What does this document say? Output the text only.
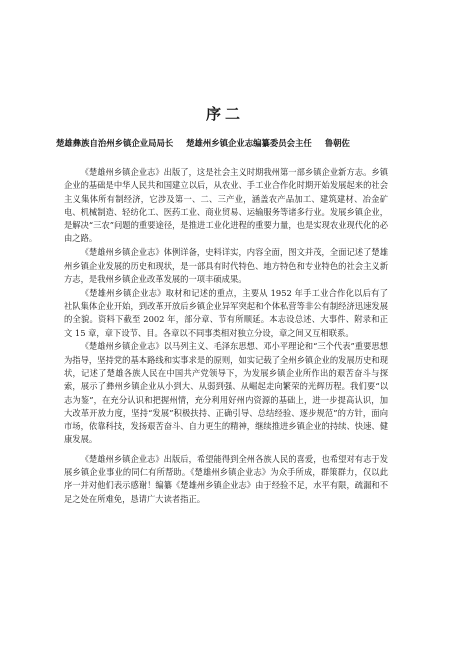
序二
楚雄彝族自治州乡镇企业局局长 楚雄州乡镇企业志编纂委员会主任 鲁朝佐

《楚雄州乡镇企业志》出版了，这是社会主义时期我州第一部乡镇企业新方志。乡镇企业的基础是中华人民共和国建立以后，从农业、手工业合作化时期开始发展起来的社会主义集体所有制经济，它涉及第一、二、三产业，涵盖农产品加工、建筑建材、冶金矿电、机械制造、轻纺化工、医药工业、商业贸易、运输服务等诸多行业。发展乡镇企业，是解决“三农”问题的重要途径，是推进工业化进程的重要力量，也是实现农业现代化的必由之路。

《楚雄州乡镇企业志》体例详备，史料详实，内容全面，图文并茂，全面记述了楚雄州乡镇企业发展的历史和现状，是一部具有时代特色、地方特色和专业特色的社会主义新方志，是我州乡镇企业改革发展的一项丰硕成果。

《楚雄州乡镇企业志》取材和记述的重点，主要从 1952 年手工业合作化以后有了社队集体企业开始，到改革开放后乡镇企业异军突起和个体私营等非公有制经济迅速发展的全貌。资料下截至 2002 年，部分章、节有所顺延。本志设总述、大事件、附录和正文 15 章，章下设节、目。各章以不同事类相对独立分设，章之间又互相联系。

《楚雄州乡镇企业志》以马列主义、毛泽东思想、邓小平理论和“三个代表”重要思想为指导，坚持党的基本路线和实事求是的原则，如实记载了全州乡镇企业的发展历史和现状，记述了楚雄各族人民在中国共产党领导下，为发展乡镇企业所作出的艰苦奋斗与探索，展示了彝州乡镇企业从小到大、从弱到强、从崛起走向繁荣的光辉历程。我们要“以志为鉴”，在充分认识和把握州情，充分利用好州内资源的基础上，进一步提高认识，加大改革开放力度，坚持“发展”积极扶持、正确引导、总结经验、逐步规范”的方针，面向市场，依靠科技，发扬艰苦奋斗、自力更生的精神，继续推进乡镇企业的持续、快速、健康发展。

《楚雄州乡镇企业志》出版后，希望能得到全州各族人民的喜爱，也希望对有志于发展乡镇企业事业的同仁有所帮助。《楚雄州乡镇企业志》为众手所成，群策群力，仅以此序一并对他们表示感谢！编纂《楚雄州乡镇企业志》由于经验不足，水平有限，疏漏和不足之处在所难免，恳请广大读者指正。
